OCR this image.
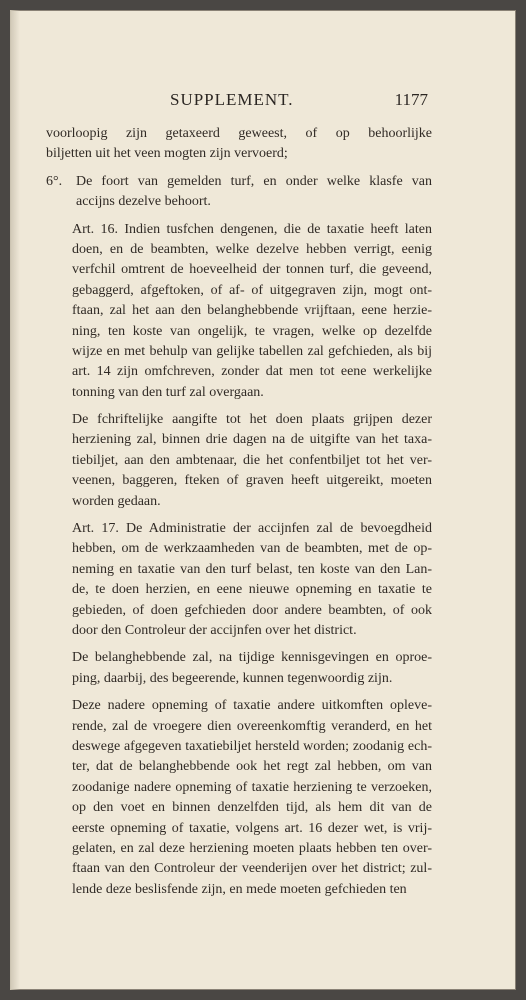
SUPPLEMENT.	1177
voorloopig zijn getaxeerd geweest, of op behoorlijke
biljetten uit het veen mogten zijn vervoerd;
6°. De foort van gemelden turf, en onder welke klasfe van
accijns dezelve behoort.
Art. 16. Indien tusfchen dengenen, die de taxatie heeft laten
doen, en de beambten, welke dezelve hebben verrigt, eenig
verfchil omtrent de hoeveelheid der tonnen turf, die geveend,
gebaggerd, afgeftoken, of af- of uitgegraven zijn, mogt ont-
ftaan, zal het aan den belanghebbende vrijftaan, eene herzie-
ning, ten koste van ongelijk, te vragen, welke op dezelfde
wijze en met behulp van gelijke tabellen zal gefchieden, als bij
art. 14 zijn omfchreven, zonder dat men tot eene werkelijke
tonning van den turf zal overgaan.
De fchriftelijke aangifte tot het doen plaats grijpen dezer
herziening zal, binnen drie dagen na de uitgifte van het taxa-
tiebiljet, aan den ambtenaar, die het confentbiljet tot het ver-
veenen, baggeren, fteken of graven heeft uitgereikt, moeten
worden gedaan.
Art. 17. De Administratie der accijnfen zal de bevoegdheid
hebben, om de werkzaamheden van de beambten, met de op-
neming en taxatie van den turf belast, ten koste van den Lan-
de, te doen herzien, en eene nieuwe opneming en taxatie te
gebieden, of doen gefchieden door andere beambten, of ook
door den Controleur der accijnfen over het district.
De belanghebbende zal, na tijdige kennisgevingen en oproe-
ping, daarbij, des begeerende, kunnen tegenwoordig zijn.
Deze nadere opneming of taxatie andere uitkomften opleve-
rende, zal de vroegere dien overeenkomftig veranderd, en het
deswege afgegeven taxatiebiljet hersteld worden; zoodanig ech-
ter, dat de belanghebbende ook het regt zal hebben, om van
zoodanige nadere opneming of taxatie herziening te verzoeken,
op den voet en binnen denzelfden tijd, als hem dit van de
eerste opneming of taxatie, volgens art. 16 dezer wet, is vrij-
gelaten, en zal deze herziening moeten plaats hebben ten over-
ftaan van den Controleur der veenderijen over het district; zul-
lende deze beslisfende zijn, en mede moeten gefchieden ten
